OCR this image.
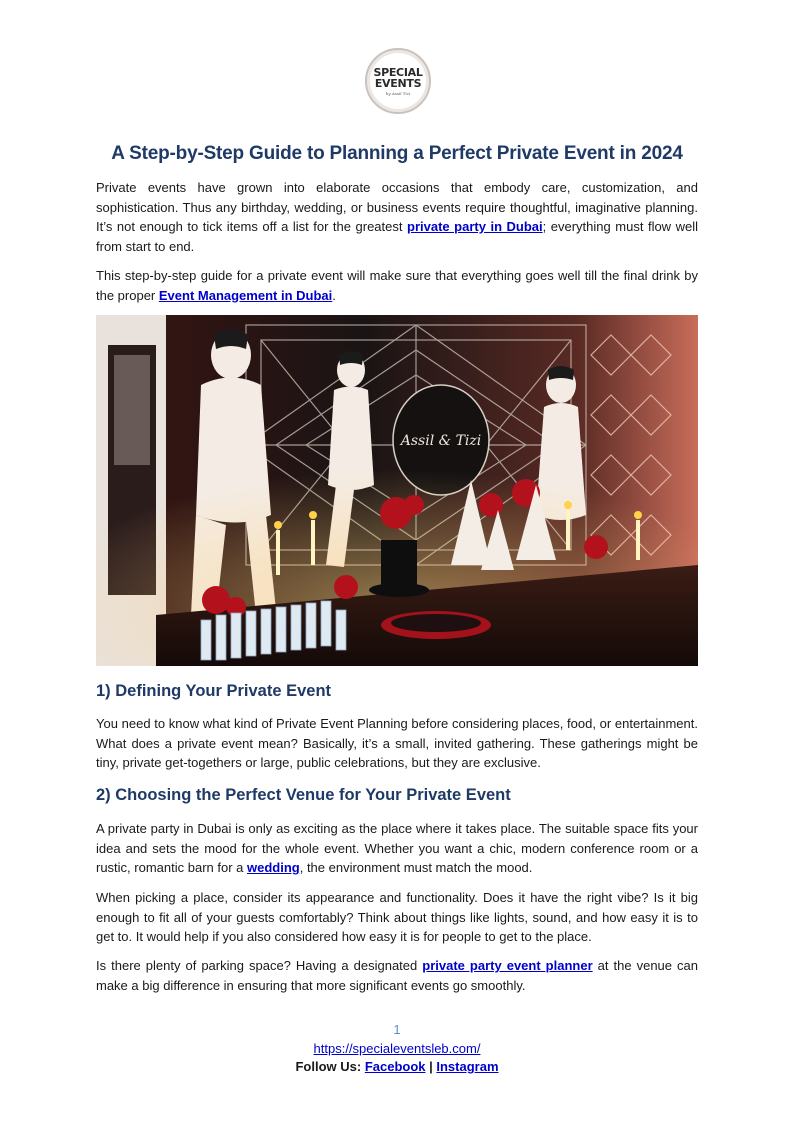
SPECIAL
EVENTS
by Assil Tizi
A Step-by-Step Guide to Planning a Perfect Private Event in 2024

Private events have grown into elaborate occasions that embody care, customization, and sophistication. Thus any birthday, wedding, or business events require thoughtful, imaginative planning. It’s not enough to tick items off a list for the greatest private party in Dubai; everything must flow well from start to end.

This step-by-step guide for a private event will make sure that everything goes well till the final drink by the proper Event Management in Dubai.

1) Defining Your Private Event

You need to know what kind of Private Event Planning before considering places, food, or entertainment. What does a private event mean? Basically, it’s a small, invited gathering. These gatherings might be tiny, private get-togethers or large, public celebrations, but they are exclusive.

2) Choosing the Perfect Venue for Your Private Event

A private party in Dubai is only as exciting as the place where it takes place. The suitable space fits your idea and sets the mood for the whole event. Whether you want a chic, modern conference room or a rustic, romantic barn for a wedding, the environment must match the mood.

When picking a place, consider its appearance and functionality. Does it have the right vibe? Is it big enough to fit all of your guests comfortably? Think about things like lights, sound, and how easy it is to get to. It would help if you also considered how easy it is for people to get to the place.

Is there plenty of parking space? Having a designated private party event planner at the venue can make a big difference in ensuring that more significant events go smoothly.

1
https://specialeventsleb.com/
Follow Us: Facebook | Instagram
